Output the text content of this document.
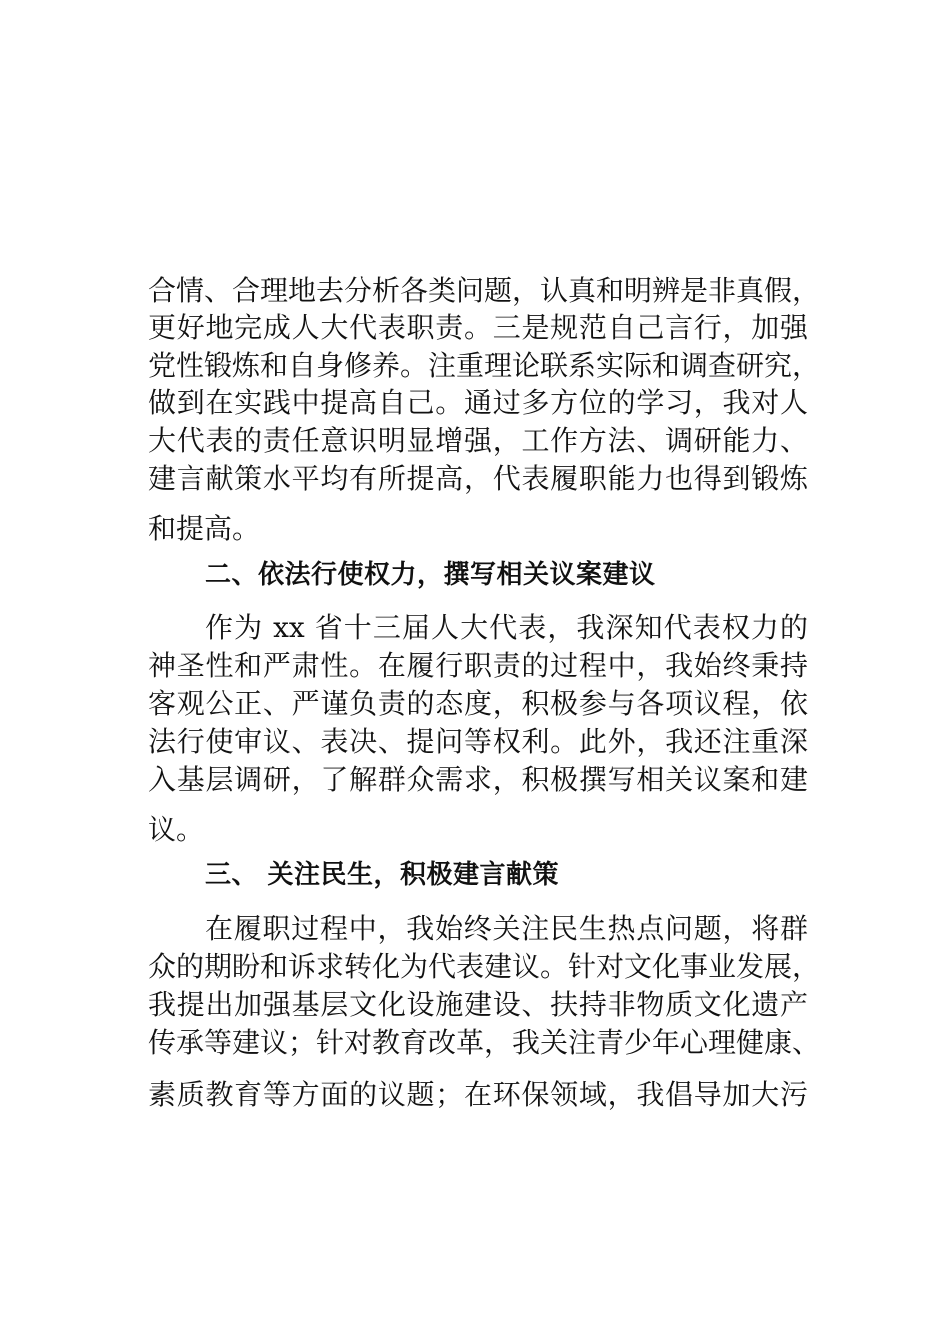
合情、合理地去分析各类问题，认真和明辨是非真假，
更好地完成人大代表职责。三是规范自己言行，加强
党性锻炼和自身修养。注重理论联系实际和调查研究，
做到在实践中提高自己。通过多方位的学习，我对人
大代表的责任意识明显增强，工作方法、调研能力、
建言献策水平均有所提高，代表履职能力也得到锻炼
和提高。
二、依法行使权力，撰写相关议案建议
作为 xx 省十三届人大代表，我深知代表权力的
神圣性和严肃性。在履行职责的过程中，我始终秉持
客观公正、严谨负责的态度，积极参与各项议程，依
法行使审议、表决、提问等权利。此外，我还注重深
入基层调研，了解群众需求，积极撰写相关议案和建
议。
三、 关注民生，积极建言献策
在履职过程中，我始终关注民生热点问题，将群
众的期盼和诉求转化为代表建议。针对文化事业发展，
我提出加强基层文化设施建设、扶持非物质文化遗产
传承等建议；针对教育改革，我关注青少年心理健康、
素质教育等方面的议题；在环保领域，我倡导加大污
